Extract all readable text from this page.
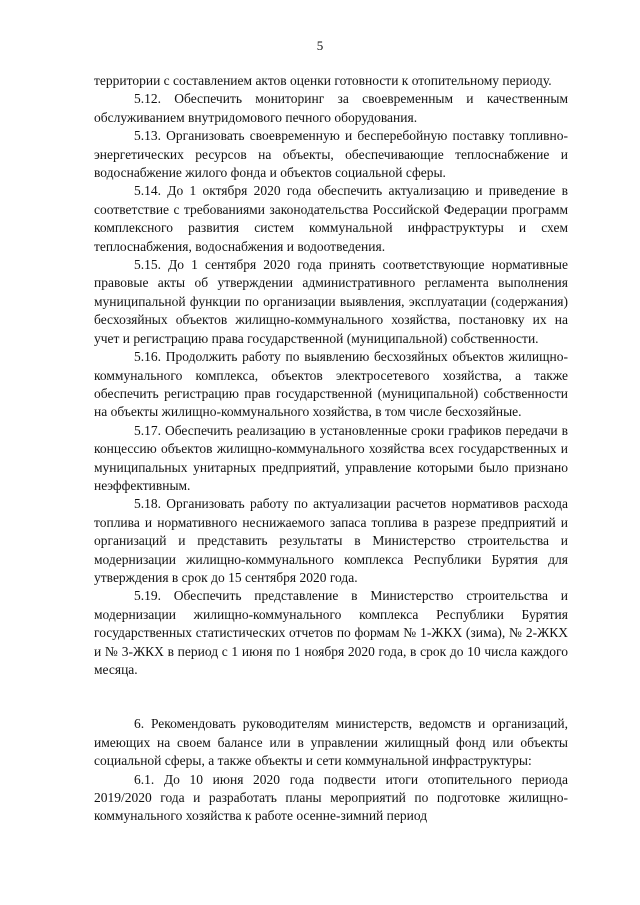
5

территории с составлением актов оценки готовности к отопительному периоду.

5.12. Обеспечить мониторинг за своевременным и качественным обслуживанием внутридомового печного оборудования.

5.13. Организовать своевременную и бесперебойную поставку топливно-энергетических ресурсов на объекты, обеспечивающие теплоснабжение и водоснабжение жилого фонда и объектов социальной сферы.

5.14. До 1 октября 2020 года обеспечить актуализацию и приведение в соответствие с требованиями законодательства Российской Федерации программ комплексного развития систем коммунальной инфраструктуры и схем теплоснабжения, водоснабжения и водоотведения.

5.15. До 1 сентября 2020 года принять соответствующие нормативные правовые акты об утверждении административного регламента выполнения муниципальной функции по организации выявления, эксплуатации (содержания) бесхозяйных объектов жилищно-коммунального хозяйства, постановку их на учет и регистрацию права государственной (муниципальной) собственности.

5.16. Продолжить работу по выявлению бесхозяйных объектов жилищно-коммунального комплекса, объектов электросетевого хозяйства, а также обеспечить регистрацию прав государственной (муниципальной) собственности на объекты жилищно-коммунального хозяйства, в том числе бесхозяйные.

5.17. Обеспечить реализацию в установленные сроки графиков передачи в концессию объектов жилищно-коммунального хозяйства всех государственных и муниципальных унитарных предприятий, управление которыми было признано неэффективным.

5.18. Организовать работу по актуализации расчетов нормативов расхода топлива и нормативного неснижаемого запаса топлива в разрезе предприятий и организаций и представить результаты в Министерство строительства и модернизации жилищно-коммунального комплекса Республики Бурятия для утверждения в срок до 15 сентября 2020 года.

5.19. Обеспечить представление в Министерство строительства и модернизации жилищно-коммунального комплекса Республики Бурятия государственных статистических отчетов по формам № 1-ЖКХ (зима), № 2-ЖКХ и № 3-ЖКХ в период с 1 июня по 1 ноября 2020 года, в срок до 10 числа каждого месяца.

6. Рекомендовать руководителям министерств, ведомств и организаций, имеющих на своем балансе или в управлении жилищный фонд или объекты социальной сферы, а также объекты и сети коммунальной инфраструктуры:

6.1. До 10 июня 2020 года подвести итоги отопительного периода 2019/2020 года и разработать планы мероприятий по подготовке жилищно-коммунального хозяйства к работе осенне-зимний период
